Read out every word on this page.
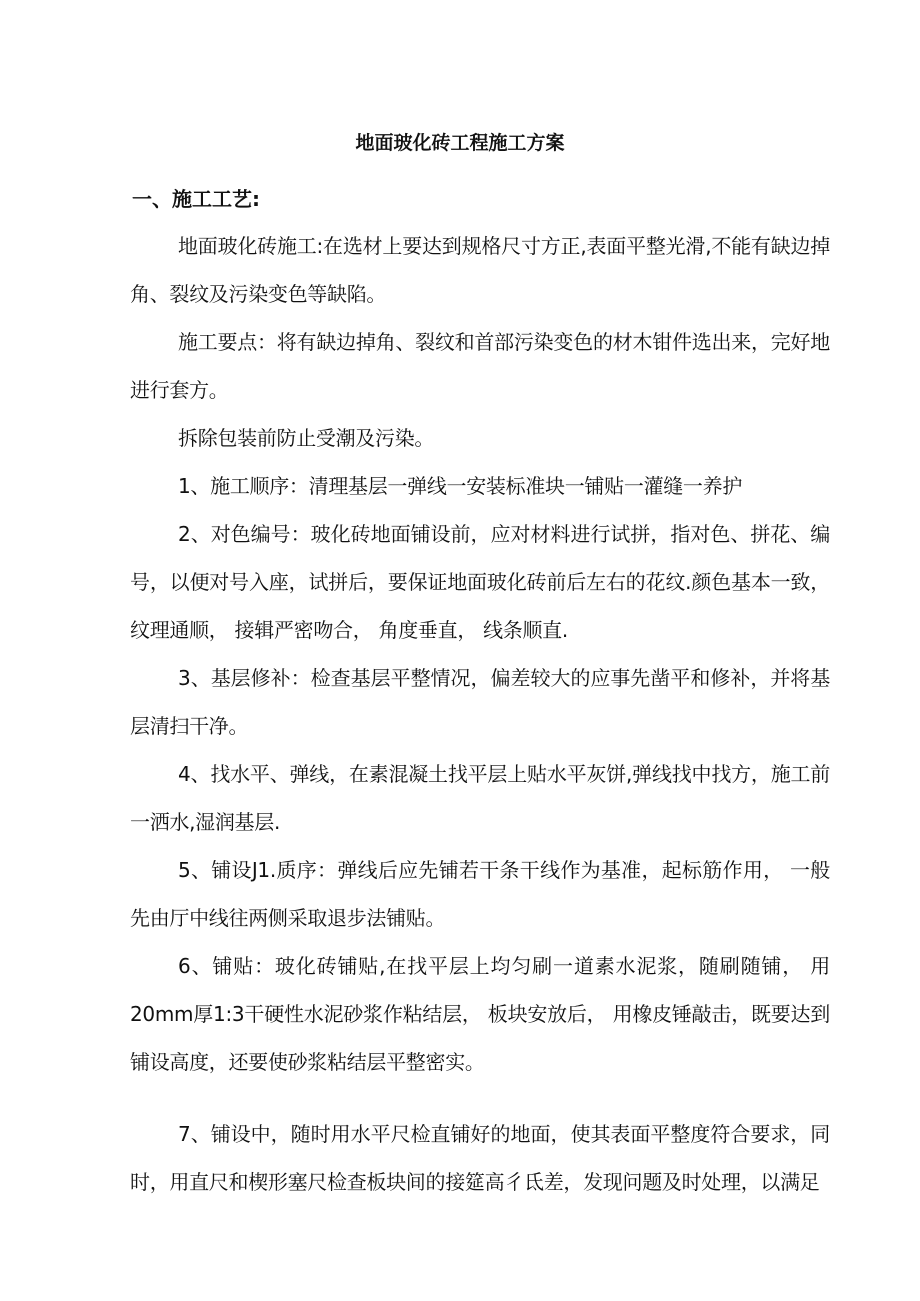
地面玻化砖工程施工方案
一、施工工艺:
地面玻化砖施工:在选材上要达到规格尺寸方正,表面平整光滑,不能有缺边掉角、裂纹及污染变色等缺陷。
施工要点：将有缺边掉角、裂纹和首部污染变色的材木钳件选出来，完好地进行套方。
拆除包装前防止受潮及污染。
1、施工顺序：清理基层一弹线一安装标准块一铺贴一灌缝一养护
2、对色编号：玻化砖地面铺设前，应对材料进行试拼，指对色、拼花、编号，以便对号入座，试拼后，要保证地面玻化砖前后左右的花纹.颜色基本一致， 纹理通顺， 接辑严密吻合， 角度垂直， 线条顺直.
3、基层修补：检查基层平整情况，偏差较大的应事先凿平和修补，并将基层清扫干净。
4、找水平、弹线，在素混凝土找平层上贴水平灰饼,弹线找中找方，施工前一洒水,湿润基层.
5、铺设J1.质序：弹线后应先铺若干条干线作为基准，起标筋作用， 一般先由厅中线往两侧采取退步法铺贴。
6、铺贴：玻化砖铺贴,在找平层上均匀刷一道素水泥浆，随刷随铺， 用20mm厚1:3干硬性水泥砂浆作粘结层， 板块安放后， 用橡皮锤敲击，既要达到铺设高度，还要使砂浆粘结层平整密实。
7、铺设中，随时用水平尺检直铺好的地面，使其表面平整度符合要求，同时，用直尺和楔形塞尺检查板块间的接筵高彳氐差，发现问题及时处理，以满足
